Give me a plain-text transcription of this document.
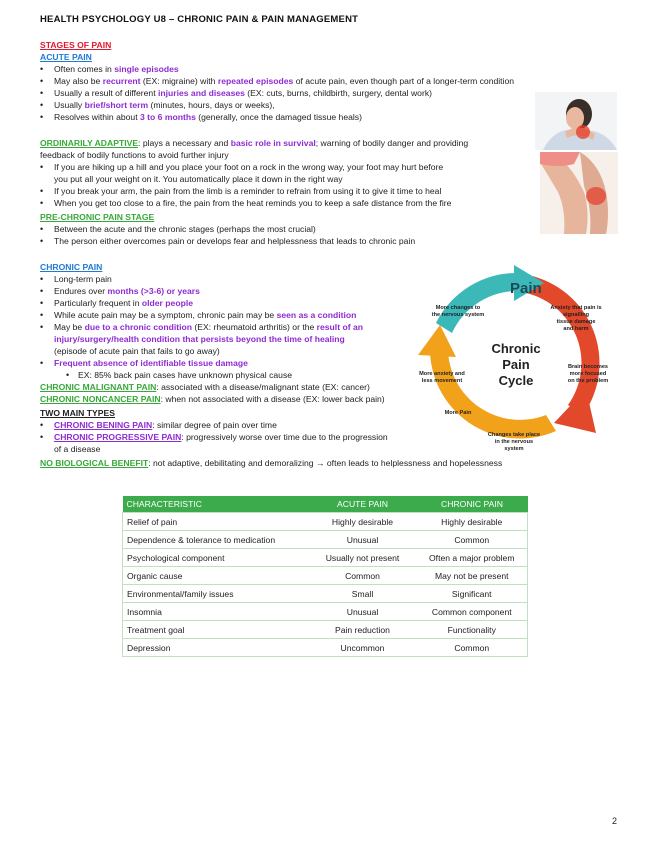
HEALTH PSYCHOLOGY U8 – CHRONIC PAIN & PAIN MANAGEMENT
STAGES OF PAIN
ACUTE PAIN
• Often comes in single episodes
• May also be recurrent (EX: migraine) with repeated episodes of acute pain, even though part of a longer-term condition
• Usually a result of different injuries and diseases (EX: cuts, burns, childbirth, surgery, dental work)
• Usually brief/short term (minutes, hours, days or weeks),
• Resolves within about 3 to 6 months (generally, once the damaged tissue heals)
ORDINARILY ADAPTIVE: plays a necessary and basic role in survival; warning of bodily danger and providing
feedback of bodily functions to avoid further injury
• If you are hiking up a hill and you place your foot on a rock in the wrong way, your foot may hurt before
you put all your weight on it. You automatically place it down in the right way
• If you break your arm, the pain from the limb is a reminder to refrain from using it to give it time to heal
• When you get too close to a fire, the pain from the heat reminds you to keep a safe distance from the fire
PRE-CHRONIC PAIN STAGE
• Between the acute and the chronic stages (perhaps the most crucial)
• The person either overcomes pain or develops fear and helplessness that leads to chronic pain
CHRONIC PAIN
• Long-term pain
• Endures over months (>3-6) or years
• Particularly frequent in older people
• While acute pain may be a symptom, chronic pain may be seen as a condition
• May be due to a chronic condition (EX: rheumatoid arthritis) or the result of an
injury/surgery/health condition that persists beyond the time of healing
(episode of acute pain that fails to go away)
• Frequent absence of identifiable tissue damage
• EX: 85% back pain cases have unknown physical cause
CHRONIC MALIGNANT PAIN: associated with a disease/malignant state (EX: cancer)
CHRONIC NONCANCER PAIN: when not associated with a disease (EX: lower back pain)
TWO MAIN TYPES
• CHRONIC BENING PAIN: similar degree of pain over time
• CHRONIC PROGRESSIVE PAIN: progressively worse over time due to the progression
of a disease
NO BIOLOGICAL BENEFIT: not adaptive, debilitating and demoralizing → often leads to helplessness and hopelessness
Pain
Chronic
Pain
Cycle
More changes to
the nervous system
Anxiety that pain is
signalling
tissue damage
and harm
Brain becomes
more focused
on the problem
Changes take place
in the nervous
system
More Pain
More anxiety and
less movement
CHARACTERISTIC	ACUTE PAIN	CHRONIC PAIN
Relief of pain	Highly desirable	Highly desirable
Dependence & tolerance to medication	Unusual	Common
Psychological component	Usually not present	Often a major problem
Organic cause	Common	May not be present
Environmental/family issues	Small	Significant
Insomnia	Unusual	Common component
Treatment goal	Pain reduction	Functionality
Depression	Uncommon	Common
2
